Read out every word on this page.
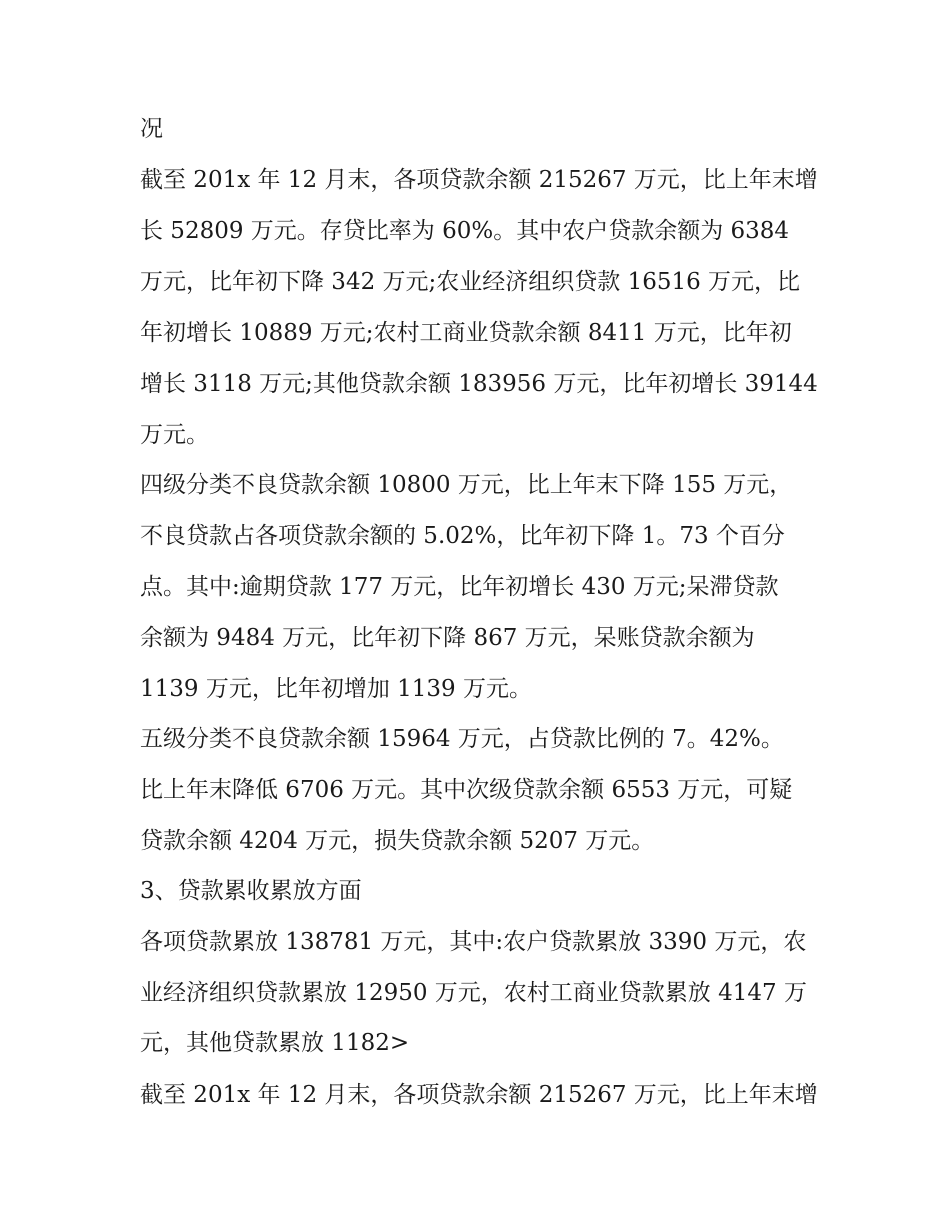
况
截至 201x 年 12 月末，各项贷款余额 215267 万元，比上年末增
长 52809 万元。存贷比率为 60%。其中农户贷款余额为 6384
万元，比年初下降 342 万元;农业经济组织贷款 16516 万元，比
年初增长 10889 万元;农村工商业贷款余额 8411 万元，比年初
增长 3118 万元;其他贷款余额 183956 万元，比年初增长 39144
万元。
四级分类不良贷款余额 10800 万元，比上年末下降 155 万元，
不良贷款占各项贷款余额的 5.02%，比年初下降 1。73 个百分
点。其中:逾期贷款 177 万元，比年初增长 430 万元;呆滞贷款
余额为 9484 万元，比年初下降 867 万元，呆账贷款余额为
1139 万元，比年初增加 1139 万元。
五级分类不良贷款余额 15964 万元，占贷款比例的 7。42%。
比上年末降低 6706 万元。其中次级贷款余额 6553 万元，可疑
贷款余额 4204 万元，损失贷款余额 5207 万元。
3、贷款累收累放方面
各项贷款累放 138781 万元，其中:农户贷款累放 3390 万元，农
业经济组织贷款累放 12950 万元，农村工商业贷款累放 4147 万
元，其他贷款累放 1182>
截至 201x 年 12 月末，各项贷款余额 215267 万元，比上年末增
